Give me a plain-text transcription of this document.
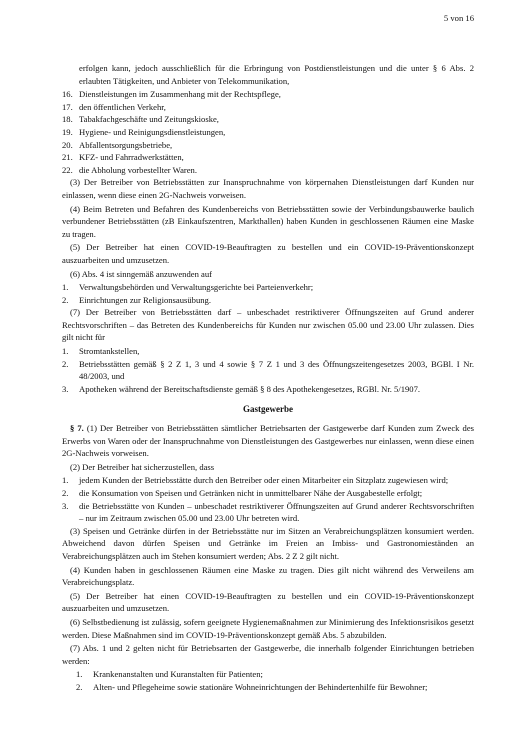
5 von 16

erfolgen kann, jedoch ausschließlich für die Erbringung von Postdienstleistungen und die unter § 6 Abs. 2 erlaubten Tätigkeiten, und Anbieter von Telekommunikation,

16. Dienstleistungen im Zusammenhang mit der Rechtspflege,
17. den öffentlichen Verkehr,
18. Tabakfachgeschäfte und Zeitungskioske,
19. Hygiene- und Reinigungsdienstleistungen,
20. Abfallentsorgungsbetriebe,
21. KFZ- und Fahrradwerkstätten,
22. die Abholung vorbestellter Waren.

(3) Der Betreiber von Betriebsstätten zur Inanspruchnahme von körpernahen Dienstleistungen darf Kunden nur einlassen, wenn diese einen 2G-Nachweis vorweisen.

(4) Beim Betreten und Befahren des Kundenbereichs von Betriebsstätten sowie der Verbindungsbauwerke baulich verbundener Betriebsstätten (zB Einkaufszentren, Markthallen) haben Kunden in geschlossenen Räumen eine Maske zu tragen.

(5) Der Betreiber hat einen COVID-19-Beauftragten zu bestellen und ein COVID-19-Präventionskonzept auszuarbeiten und umzusetzen.

(6) Abs. 4 ist sinngemäß anzuwenden auf

1.	Verwaltungsbehörden und Verwaltungsgerichte bei Parteienverkehr;
2.	Einrichtungen zur Religionsausübung.

(7) Der Betreiber von Betriebsstätten darf – unbeschadet restriktiverer Öffnungszeiten auf Grund anderer Rechtsvorschriften – das Betreten des Kundenbereichs für Kunden nur zwischen 05.00 und 23.00 Uhr zulassen. Dies gilt nicht für

1.	Stromtankstellen,
2.	Betriebsstätten gemäß § 2 Z 1, 3 und 4 sowie § 7 Z 1 und 3 des Öffnungszeitengesetzes 2003, BGBl. I Nr. 48/2003, und
3.	Apotheken während der Bereitschaftsdienste gemäß § 8 des Apothekengesetzes, RGBl. Nr. 5/1907.
Gastgewerbe

§ 7. (1) Der Betreiber von Betriebsstätten sämtlicher Betriebsarten der Gastgewerbe darf Kunden zum Zweck des Erwerbs von Waren oder der Inanspruchnahme von Dienstleistungen des Gastgewerbes nur einlassen, wenn diese einen 2G-Nachweis vorweisen.

(2) Der Betreiber hat sicherzustellen, dass

1.	jedem Kunden der Betriebsstätte durch den Betreiber oder einen Mitarbeiter ein Sitzplatz zugewiesen wird;
2.	die Konsumation von Speisen und Getränken nicht in unmittelbarer Nähe der Ausgabestelle erfolgt;
3.	die Betriebsstätte von Kunden – unbeschadet restriktiverer Öffnungszeiten auf Grund anderer Rechtsvorschriften – nur im Zeitraum zwischen 05.00 und 23.00 Uhr betreten wird.

(3) Speisen und Getränke dürfen in der Betriebsstätte nur im Sitzen an Verabreichungsplätzen konsumiert werden. Abweichend davon dürfen Speisen und Getränke im Freien an Imbiss- und Gastronomieständen an Verabreichungsplätzen auch im Stehen konsumiert werden; Abs. 2 Z 2 gilt nicht.

(4) Kunden haben in geschlossenen Räumen eine Maske zu tragen. Dies gilt nicht während des Verweilens am Verabreichungsplatz.

(5) Der Betreiber hat einen COVID-19-Beauftragten zu bestellen und ein COVID-19-Präventionskonzept auszuarbeiten und umzusetzen.

(6) Selbstbedienung ist zulässig, sofern geeignete Hygienemaßnahmen zur Minimierung des Infektionsrisikos gesetzt werden. Diese Maßnahmen sind im COVID-19-Präventionskonzept gemäß Abs. 5 abzubilden.

(7) Abs. 1 und 2 gelten nicht für Betriebsarten der Gastgewerbe, die innerhalb folgender Einrichtungen betrieben werden:

1.	Krankenanstalten und Kuranstalten für Patienten;
2.	Alten- und Pflegeheime sowie stationäre Wohneinrichtungen der Behindertenhilfe für Bewohner;
